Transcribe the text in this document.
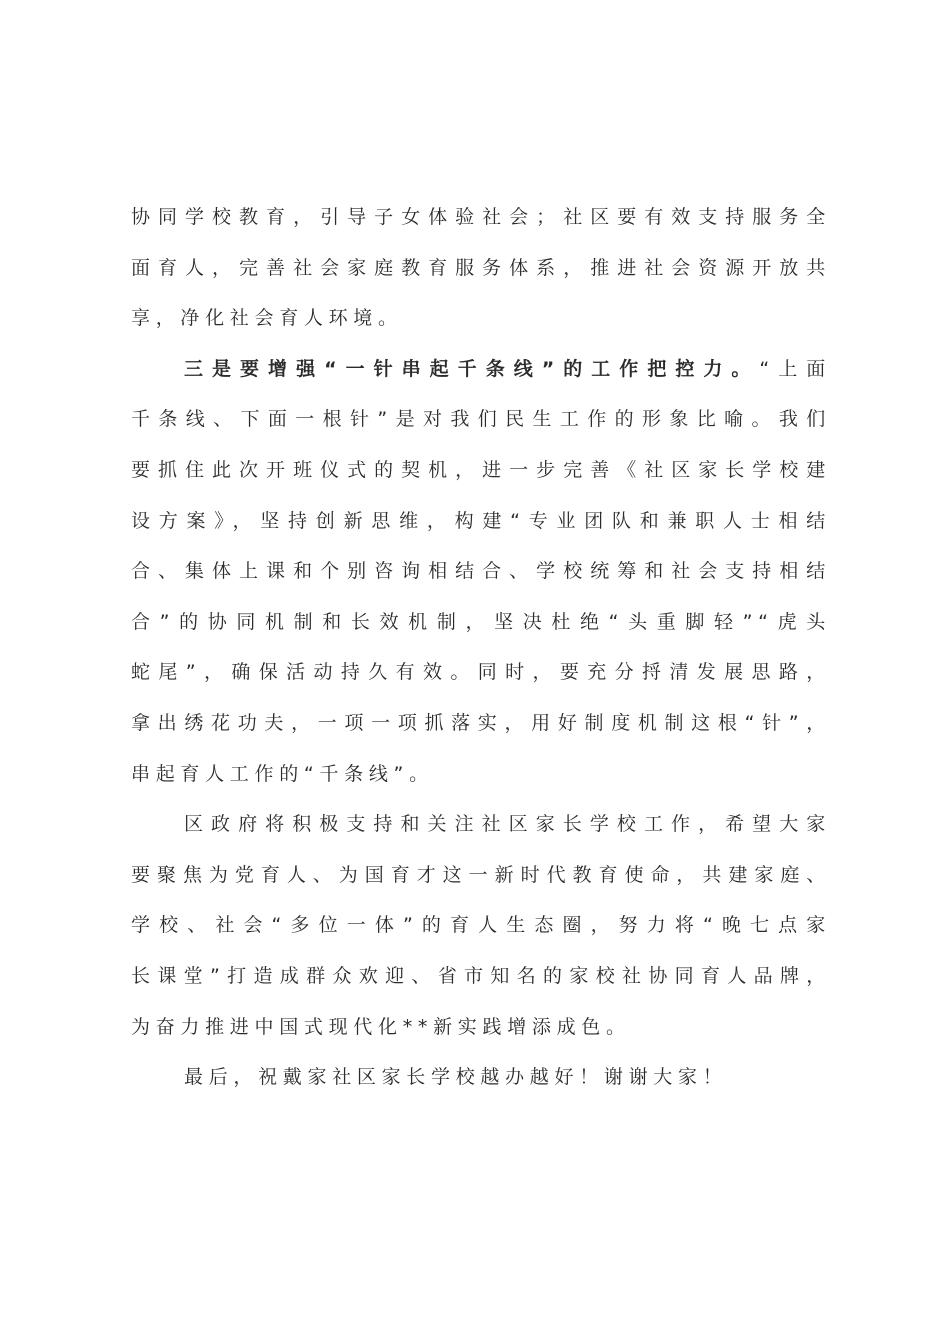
协同学校教育，引导子女体验社会；社区要有效支持服务全
面育人，完善社会家庭教育服务体系，推进社会资源开放共
享，净化社会育人环境。
三是要增强“一针串起千条线”的工作把控力。“上面
千条线、下面一根针”是对我们民生工作的形象比喻。我们
要抓住此次开班仪式的契机，进一步完善《社区家长学校建
设方案》，坚持创新思维，构建“专业团队和兼职人士相结
合、集体上课和个别咨询相结合、学校统筹和社会支持相结
合”的协同机制和长效机制，坚决杜绝“头重脚轻”“虎头
蛇尾”，确保活动持久有效。同时，要充分捋清发展思路，
拿出绣花功夫，一项一项抓落实，用好制度机制这根“针”，
串起育人工作的“千条线”。
区政府将积极支持和关注社区家长学校工作，希望大家
要聚焦为党育人、为国育才这一新时代教育使命，共建家庭、
学校、社会“多位一体”的育人生态圈，努力将“晚七点家
长课堂”打造成群众欢迎、省市知名的家校社协同育人品牌，
为奋力推进中国式现代化**新实践增添成色。
最后，祝戴家社区家长学校越办越好！谢谢大家！
